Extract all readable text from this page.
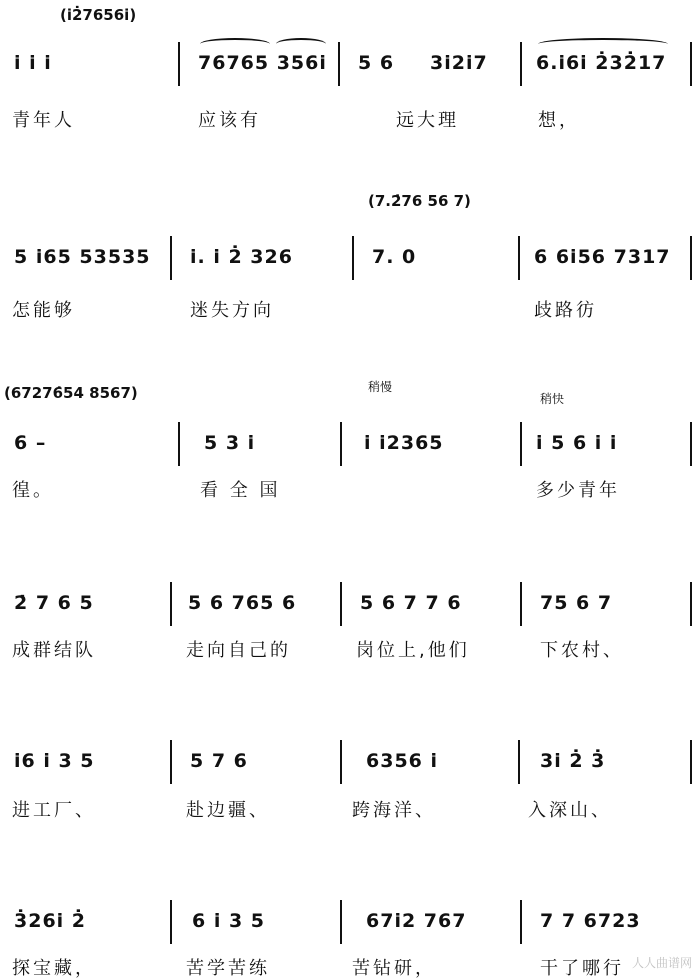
(i2̇7656i)
i i i	76765 356i 5 6 3i2i7	6.i6i 2̇32̇17
青年人	应该有	远大理	想，
(7.2̇76 56 7)
5 i65 53535 i. i 2̇ 326	7. 0	6 6i56 7317
怎能够	迷失方向	歧路彷
(67276̇54 8567)	稍慢
稍快
6 –	5 3 i	i i2365	i 5 6 i i
徨。	看 全 国	多少青年
2̇ 7 6 5	5 6 765 6	5 6 7 7 6	75 6 7
成群结队	走向自己的	岗位上,他们	下农村、
i6 i 3 5	5 7 6	6356 i	3i 2̇ 3̇
进工厂、	赴边疆、	跨海洋、	入深山、
3̇26i 2̇	6 i 3 5	67i2 767	7 7 6723
探宝藏，	苦学苦练	苦钻研，	干了哪行 人人曲谱网
